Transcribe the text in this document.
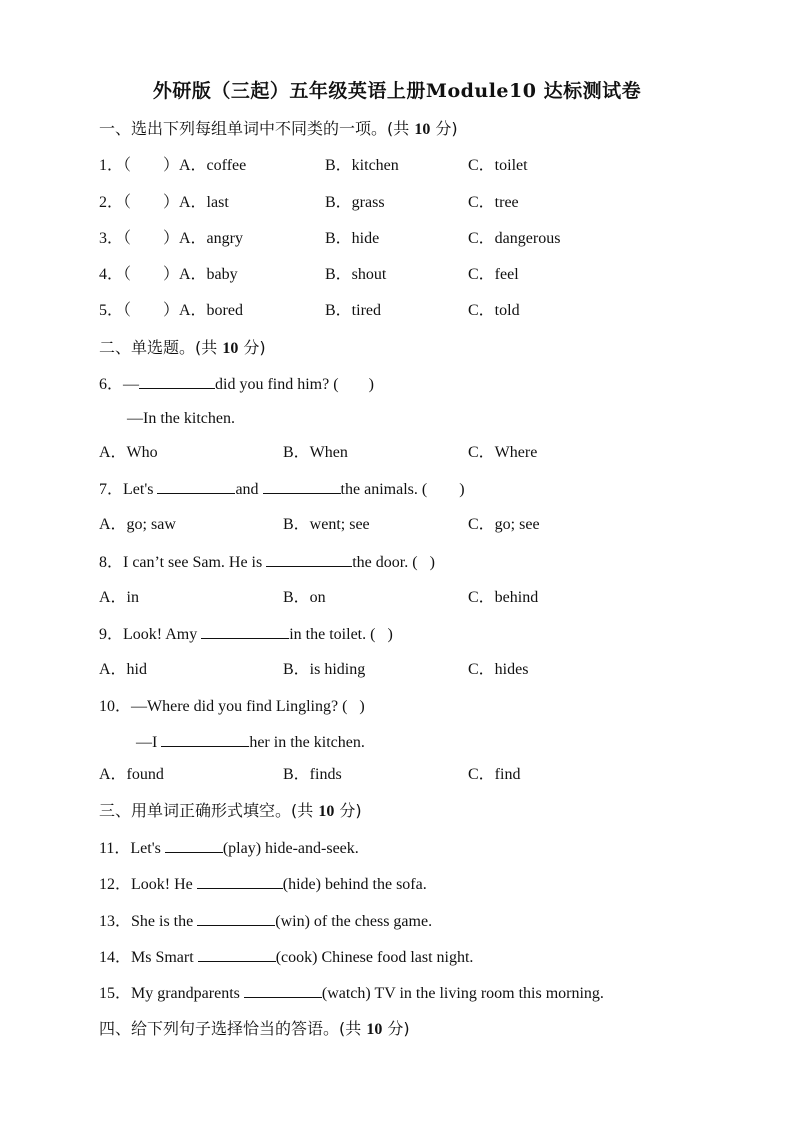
外研版（三起）五年级英语上册Module10 达标测试卷
一、选出下列每组单词中不同类的一项。(共 10 分)
1．（ ）A．coffee	B．kitchen	C．toilet
2．（ ）A．last	B．grass	C．tree
3．（ ）A．angry	B．hide	C．dangerous
4．（ ）A．baby	B．shout	C．feel
5．（ ）A．bored	B．tired	C．told
二、单选题。(共 10 分)
6．—	did you find him? ( )
—In the kitchen.
A．Who	B．When	C．Where
7．Let's	and	the animals. ( )
A．go; saw	B．went; see	C．go; see
8．I can’t see Sam. He is	the door. ( )
A．in	B．on	C．behind
9．Look! Amy	in the toilet. ( )
A．hid	B．is hiding	C．hides
10．—Where did you find Lingling? ( )
—I	her in the kitchen.
A．found	B．finds	C．find
三、用单词正确形式填空。(共 10 分)
11．Let's	(play) hide-and-seek.
12．Look! He	(hide) behind the sofa.
13．She is the	(win) of the chess game.
14．Ms Smart	(cook) Chinese food last night.
15．My grandparents	(watch) TV in the living room this morning.
四、给下列句子选择恰当的答语。(共 10 分)
